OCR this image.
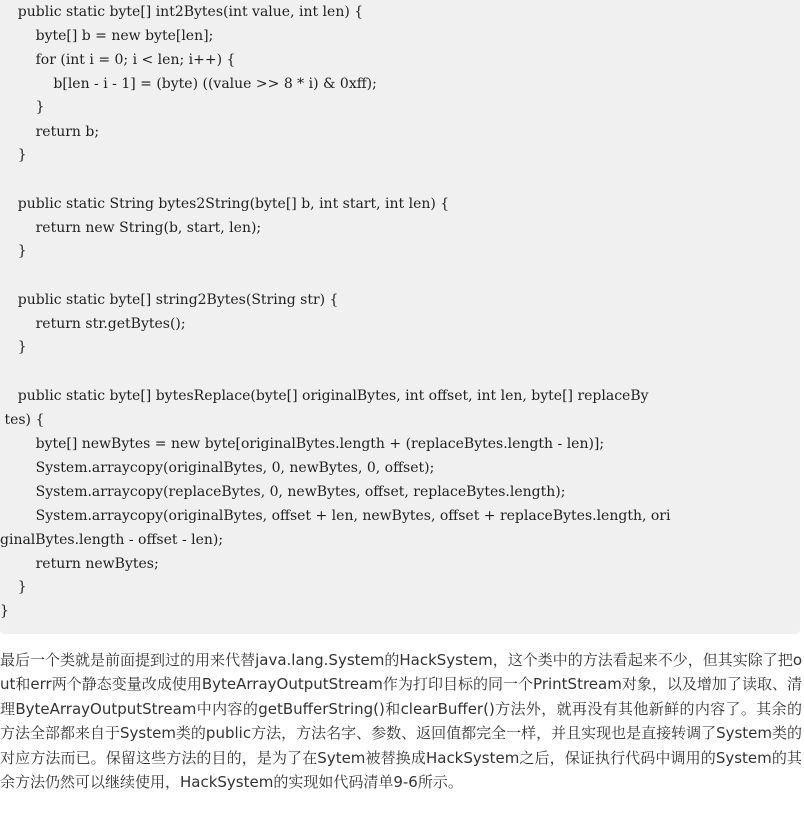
public static byte[] int2Bytes(int value, int len) {
byte[] b = new byte[len];
for (int i = 0; i < len; i++) {
b[len - i - 1] = (byte) ((value >> 8 * i) & 0xff);
}
return b;
}
public static String bytes2String(byte[] b, int start, int len) {
return new String(b, start, len);
}
public static byte[] string2Bytes(String str) {
return str.getBytes();
}
public static byte[] bytesReplace(byte[] originalBytes, int offset, int len, byte[] replaceBy
tes) {
byte[] newBytes = new byte[originalBytes.length + (replaceBytes.length - len)];
System.arraycopy(originalBytes, 0, newBytes, 0, offset);
System.arraycopy(replaceBytes, 0, newBytes, offset, replaceBytes.length);
System.arraycopy(originalBytes, offset + len, newBytes, offset + replaceBytes.length, ori
ginalBytes.length - offset - len);
return newBytes;
}
}

最后一个类就是前面提到过的用来代替java.lang.System的HackSystem，这个类中的方法看起来不少，但其实除了把out和err两个静态变量改成使用ByteArrayOutputStream作为打印目标的同一个PrintStream对象，以及增加了读取、清理ByteArrayOutputStream中内容的getBufferString()和clearBuffer()方法外，就再没有其他新鲜的内容了。其余的方法全部都来自于System类的public方法，方法名字、参数、返回值都完全一样，并且实现也是直接转调了System类的对应方法而已。保留这些方法的目的，是为了在Sytem被替换成HackSystem之后，保证执行代码中调用的System的其余方法仍然可以继续使用，HackSystem的实现如代码清单9-6所示。
